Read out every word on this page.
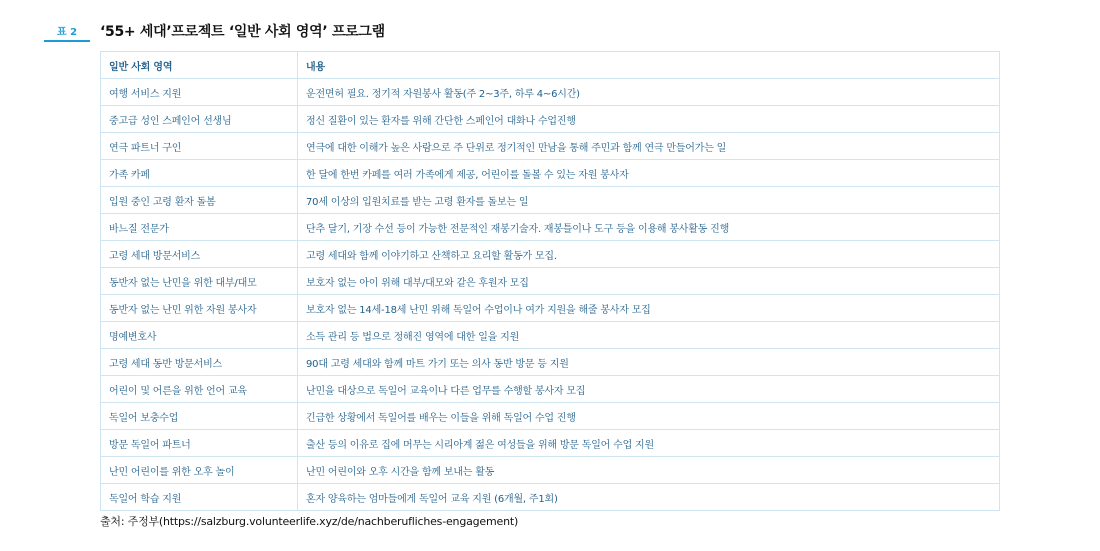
표 2	‘55+ 세대’프로젝트 ‘일반 사회 영역’ 프로그램
일반 사회 영역	내용
여행 서비스 지원	운전면허 필요. 정기적 자원봉사 활동(주 2~3주, 하루 4~6시간)
중고급 성인 스페인어 선생님	정신 질환이 있는 환자를 위해 간단한 스페인어 대화나 수업진행
연극 파트너 구인	연극에 대한 이해가 높은 사람으로 주 단위로 정기적인 만남을 통해 주민과 함께 연극 만들어가는 일
가족 카페	한 달에 한번 카페를 여러 가족에게 제공, 어린이를 돌볼 수 있는 자원 봉사자
입원 중인 고령 환자 돌봄	70세 이상의 입원치료를 받는 고령 환자를 돌보는 일
바느질 전문가	단추 달기, 기장 수선 등이 가능한 전문적인 재봉기술자. 재봉틀이나 도구 등을 이용해 봉사활동 진행
고령 세대 방문서비스	고령 세대와 함께 이야기하고 산책하고 요리할 활동가 모집.
동반자 없는 난민을 위한 대부/대모	보호자 없는 아이 위해 대부/대모와 같은 후원자 모집
동반자 없는 난민 위한 자원 봉사자	보호자 없는 14세-18세 난민 위해 독일어 수업이나 여가 지원을 해줄 봉사자 모집
명예변호사	소득 관리 등 법으로 정해진 영역에 대한 일을 지원
고령 세대 동반 방문서비스	90대 고령 세대와 함께 마트 가기 또는 의사 동반 방문 등 지원
어린이 및 어른을 위한 언어 교육	난민을 대상으로 독일어 교육이나 다른 업무를 수행할 봉사자 모집
독일어 보충수업	긴급한 상황에서 독일어를 배우는 이들을 위해 독일어 수업 진행
방문 독일어 파트너	출산 등의 이유로 집에 머무는 시리아계 젊은 여성들을 위해 방문 독일어 수업 지원
난민 어린이를 위한 오후 놀이	난민 어린이와 오후 시간을 함께 보내는 활동
독일어 학습 지원	혼자 양육하는 엄마들에게 독일어 교육 지원 (6개월, 주1회)
출처: 주정부(https://salzburg.volunteerlife.xyz/de/nachberufliches-engagement)
